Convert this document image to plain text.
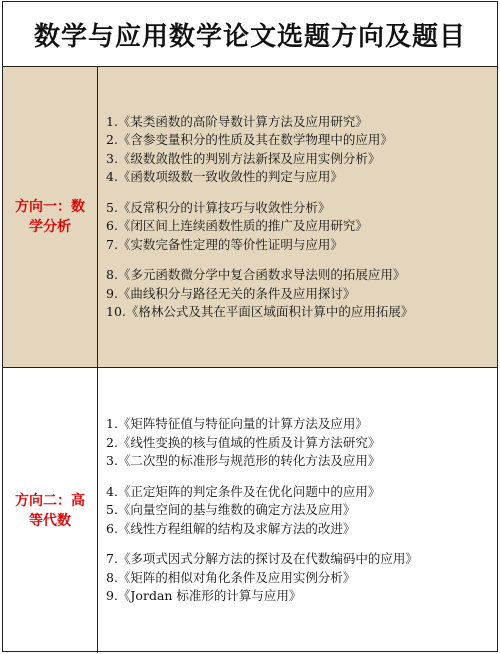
数学与应用数学论文选题方向及题目
方向一：数学分析
1.《某类函数的高阶导数计算方法及应用研究》
2.《含参变量积分的性质及其在数学物理中的应用》
3.《级数敛散性的判别方法新探及应用实例分析》
4.《函数项级数一致收敛性的判定与应用》
5.《反常积分的计算技巧与收敛性分析》
6.《闭区间上连续函数性质的推广及应用研究》
7.《实数完备性定理的等价性证明与应用》
8.《多元函数微分学中复合函数求导法则的拓展应用》
9.《曲线积分与路径无关的条件及应用探讨》
10.《格林公式及其在平面区域面积计算中的应用拓展》
方向二：高等代数
1.《矩阵特征值与特征向量的计算方法及应用》
2.《线性变换的核与值域的性质及计算方法研究》
3.《二次型的标准形与规范形的转化方法及应用》
4.《正定矩阵的判定条件及在优化问题中的应用》
5.《向量空间的基与维数的确定方法及应用》
6.《线性方程组解的结构及求解方法的改进》
7.《多项式因式分解方法的探讨及在代数编码中的应用》
8.《矩阵的相似对角化条件及应用实例分析》
9.《Jordan 标准形的计算与应用》
